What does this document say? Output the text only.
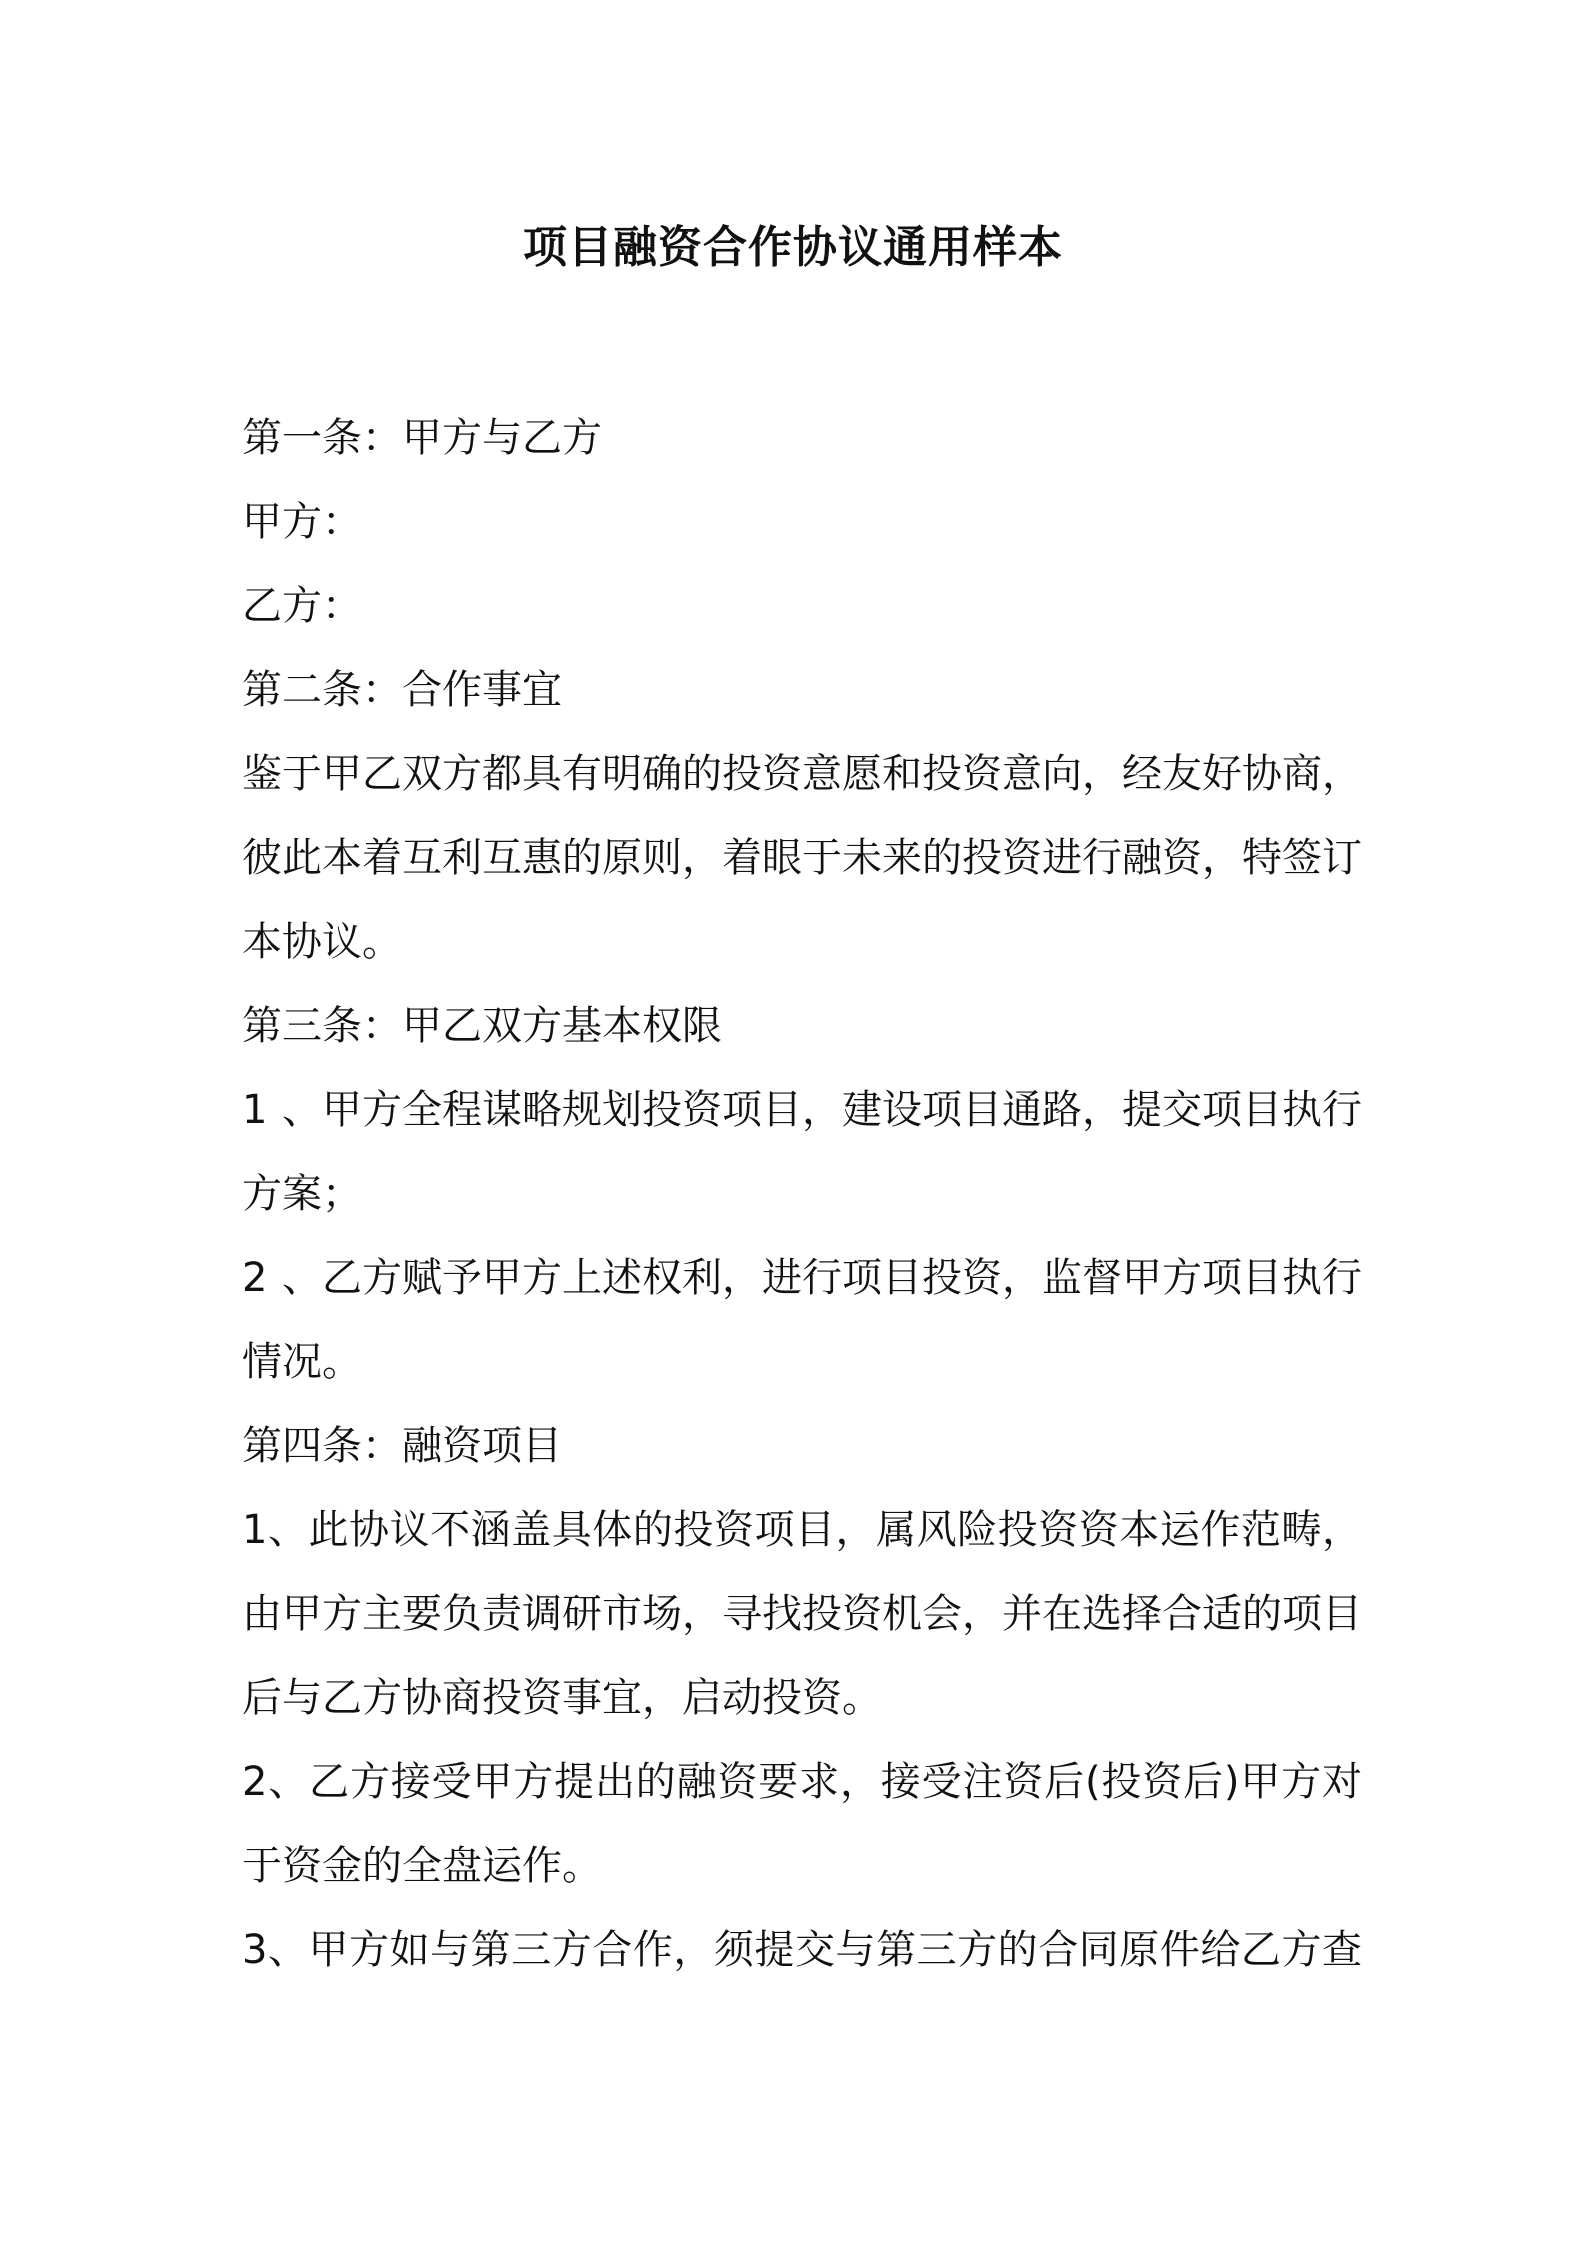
项目融资合作协议通用样本
第一条：甲方与乙方
甲方：
乙方：
第二条：合作事宜
鉴于甲乙双方都具有明确的投资意愿和投资意向，经友好协商，
彼此本着互利互惠的原则，着眼于未来的投资进行融资，特签订
本协议。
第三条：甲乙双方基本权限
1、甲方全程谋略规划投资项目，建设项目通路，提交项目执行
方案；
2、乙方赋予甲方上述权利，进行项目投资，监督甲方项目执行
情况。
第四条：融资项目
1、此协议不涵盖具体的投资项目，属风险投资资本运作范畴，
由甲方主要负责调研市场，寻找投资机会，并在选择合适的项目
后与乙方协商投资事宜，启动投资。
2、乙方接受甲方提出的融资要求，接受注资后(投资后)甲方对
于资金的全盘运作。
3、甲方如与第三方合作，须提交与第三方的合同原件给乙方查
